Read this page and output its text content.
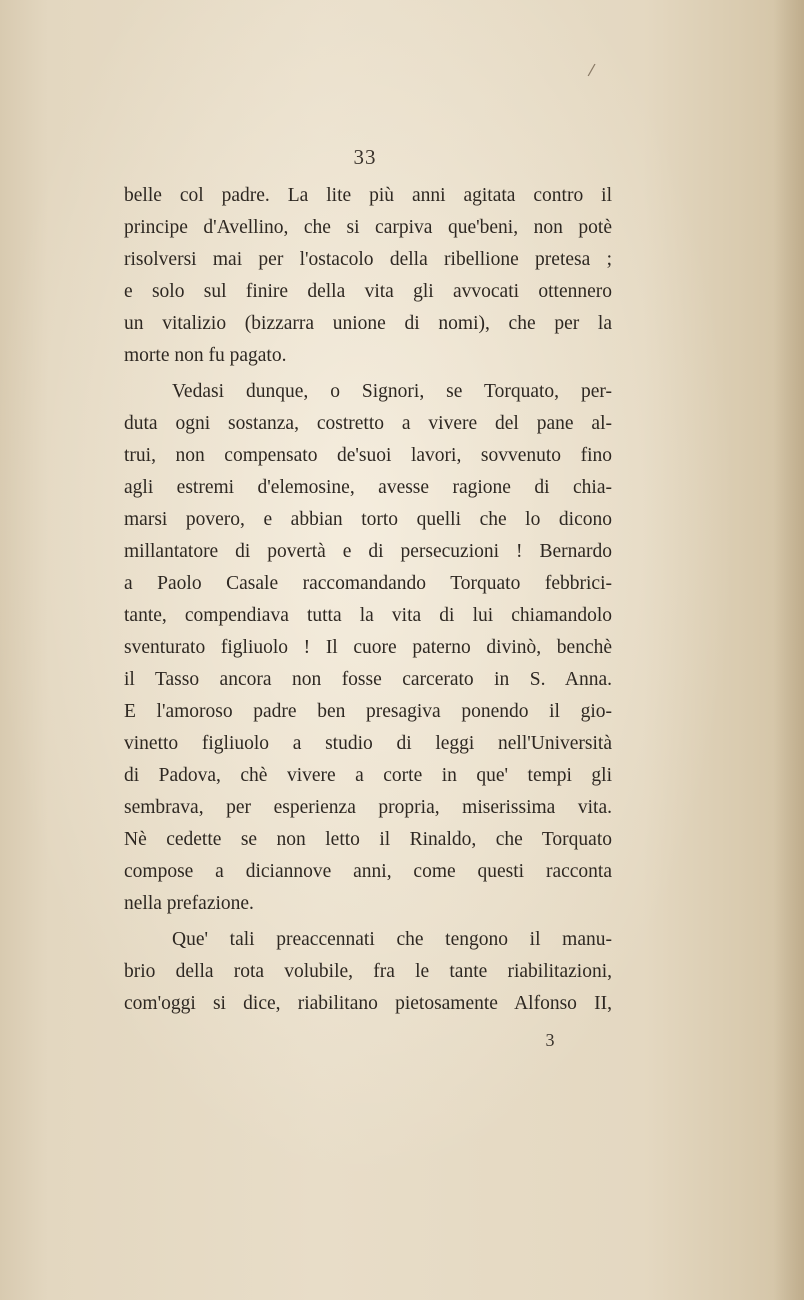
/
33
belle col padre. La lite più anni agitata contro il
principe d'Avellino, che si carpiva que'beni, non potè
risolversi mai per l'ostacolo della ribellione pretesa ;
e solo sul finire della vita gli avvocati ottennero
un vitalizio (bizzarra unione di nomi), che per la
morte non fu pagato.
Vedasi dunque, o Signori, se Torquato, per-
duta ogni sostanza, costretto a vivere del pane al-
trui, non compensato de'suoi lavori, sovvenuto fino
agli estremi d'elemosine, avesse ragione di chia-
marsi povero, e abbian torto quelli che lo dicono
millantatore di povertà e di persecuzioni ! Bernardo
a Paolo Casale raccomandando Torquato febbrici-
tante, compendiava tutta la vita di lui chiamandolo
sventurato figliuolo ! Il cuore paterno divinò, benchè
il Tasso ancora non fosse carcerato in S. Anna.
E l'amoroso padre ben presagiva ponendo il gio-
vinetto figliuolo a studio di leggi nell'Università
di Padova, chè vivere a corte in que' tempi gli
sembrava, per esperienza propria, miserissima vita.
Nè cedette se non letto il Rinaldo, che Torquato
compose a diciannove anni, come questi racconta
nella prefazione.
Que' tali preaccennati che tengono il manu-
brio della rota volubile, fra le tante riabilitazioni,
com'oggi si dice, riabilitano pietosamente Alfonso II,
3
